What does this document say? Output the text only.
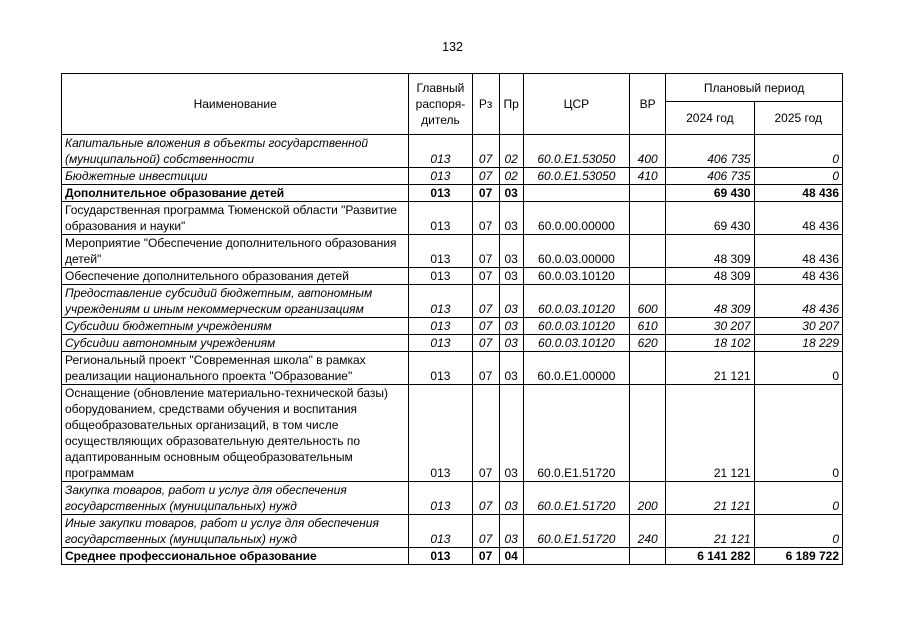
132
Наименование	Главный распоря-дитель	Рз	Пр	ЦСР	ВР	Плановый период	
						2024 год	2025 год
Капитальные вложения в объекты государственной (муниципальной) собственности	013	07	02	60.0.Е1.53050	400	406 735	0
Бюджетные инвестиции	013	07	02	60.0.Е1.53050	410	406 735	0
Дополнительное образование детей	013	07	03			69 430	48 436
Государственная программа Тюменской области "Развитие образования и науки"	013	07	03	60.0.00.00000		69 430	48 436
Мероприятие "Обеспечение дополнительного образования детей"	013	07	03	60.0.03.00000		48 309	48 436
Обеспечение дополнительного образования детей	013	07	03	60.0.03.10120		48 309	48 436
Предоставление субсидий бюджетным, автономным учреждениям и иным некоммерческим организациям	013	07	03	60.0.03.10120	600	48 309	48 436
Субсидии бюджетным учреждениям	013	07	03	60.0.03.10120	610	30 207	30 207
Субсидии автономным учреждениям	013	07	03	60.0.03.10120	620	18 102	18 229
Региональный проект "Современная школа" в рамках реализации национального проекта "Образование"	013	07	03	60.0.Е1.00000		21 121	0
Оснащение (обновление материально-технической базы) оборудованием, средствами обучения и воспитания общеобразовательных организаций, в том числе осуществляющих образовательную деятельность по адаптированным основным общеобразовательным программам	013	07	03	60.0.Е1.51720		21 121	0
Закупка товаров, работ и услуг для обеспечения государственных (муниципальных) нужд	013	07	03	60.0.Е1.51720	200	21 121	0
Иные закупки товаров, работ и услуг для обеспечения государственных (муниципальных) нужд	013	07	03	60.0.Е1.51720	240	21 121	0
Среднее профессиональное образование	013	07	04			6 141 282	6 189 722
